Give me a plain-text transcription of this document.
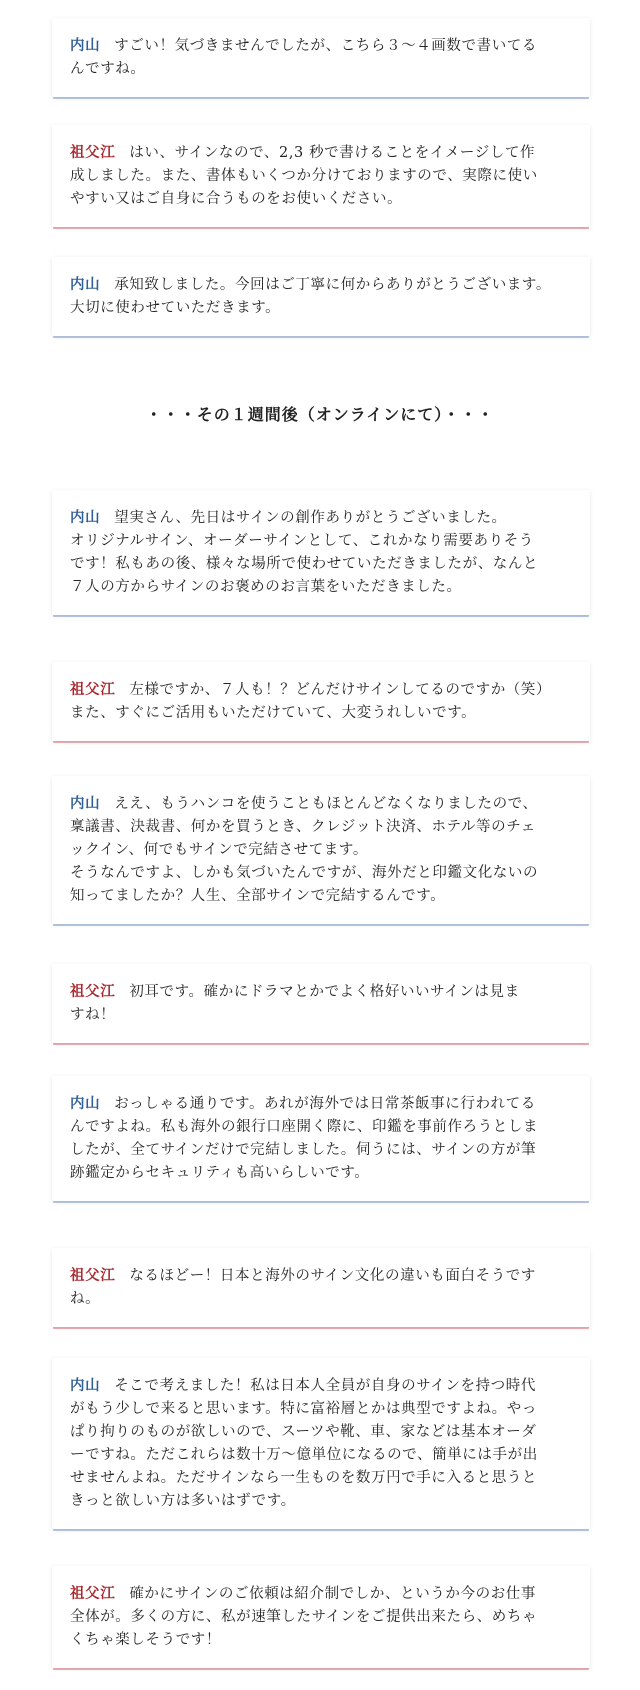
内山 すごい！気づきませんでしたが、こちら３〜４画数で書いてる
んですね。
祖父江 はい、サインなので、2,3 秒で書けることをイメージして作
成しました。また、書体もいくつか分けておりますので、実際に使い
やすい又はご自身に合うものをお使いください。
内山 承知致しました。今回はご丁寧に何からありがとうございます。
大切に使わせていただきます。
・・・その１週間後（オンラインにて）・・・
内山 望実さん、先日はサインの創作ありがとうございました。
オリジナルサイン、オーダーサインとして、これかなり需要ありそう
です！私もあの後、様々な場所で使わせていただきましたが、なんと
７人の方からサインのお褒めのお言葉をいただきました。
祖父江 左様ですか、７人も！？どんだけサインしてるのですか（笑）
また、すぐにご活用もいただけていて、大変うれしいです。
内山 ええ、もうハンコを使うこともほとんどなくなりましたので、
稟議書、決裁書、何かを買うとき、クレジット決済、ホテル等のチェ
ックイン、何でもサインで完結させてます。
そうなんですよ、しかも気づいたんですが、海外だと印鑑文化ないの
知ってましたか？人生、全部サインで完結するんです。
祖父江 初耳です。確かにドラマとかでよく格好いいサインは見ま
すね！
内山 おっしゃる通りです。あれが海外では日常茶飯事に行われてる
んですよね。私も海外の銀行口座開く際に、印鑑を事前作ろうとしま
したが、全てサインだけで完結しました。伺うには、サインの方が筆
跡鑑定からセキュリティも高いらしいです。
祖父江 なるほどー！日本と海外のサイン文化の違いも面白そうです
ね。
内山 そこで考えました！私は日本人全員が自身のサインを持つ時代
がもう少しで来ると思います。特に富裕層とかは典型ですよね。やっ
ぱり拘りのものが欲しいので、スーツや靴、車、家などは基本オーダ
ーですね。ただこれらは数十万〜億単位になるので、簡単には手が出
せませんよね。ただサインなら一生ものを数万円で手に入ると思うと
きっと欲しい方は多いはずです。
祖父江 確かにサインのご依頼は紹介制でしか、というか今のお仕事
全体が。多くの方に、私が速筆したサインをご提供出来たら、めちゃ
くちゃ楽しそうです！
